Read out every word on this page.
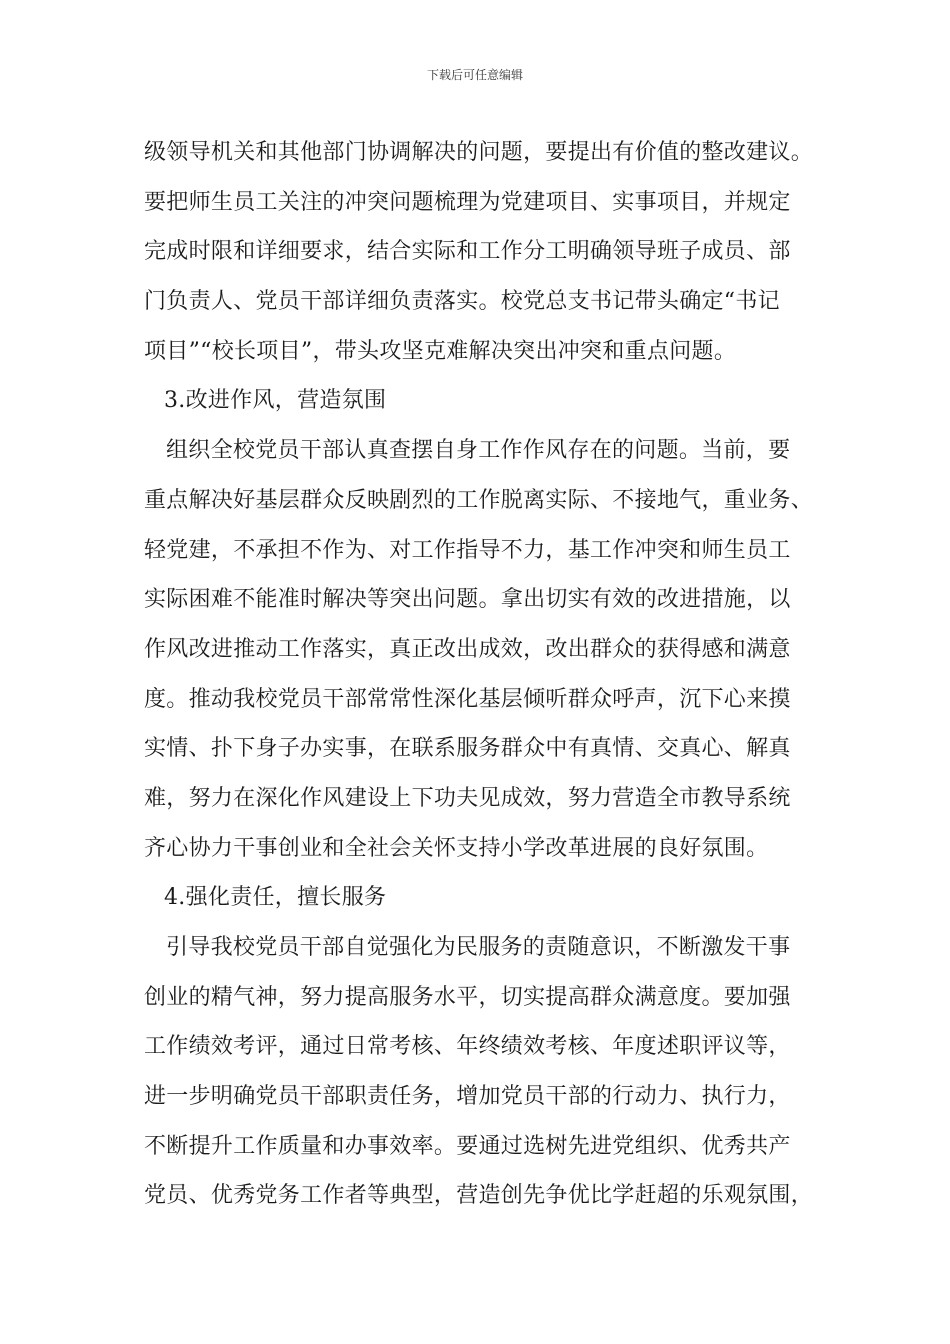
下载后可任意编辑
级领导机关和其他部门协调解决的问题，要提出有价值的整改建议。
要把师生员工关注的冲突问题梳理为党建项目、实事项目，并规定
完成时限和详细要求，结合实际和工作分工明确领导班子成员、部
门负责人、党员干部详细负责落实。校党总支书记带头确定“书记
项目”“校长项目”，带头攻坚克难解决突出冲突和重点问题。
3.改进作风，营造氛围
组织全校党员干部认真查摆自身工作作风存在的问题。当前，要
重点解决好基层群众反映剧烈的工作脱离实际、不接地气，重业务、
轻党建，不承担不作为、对工作指导不力，基工作冲突和师生员工
实际困难不能准时解决等突出问题。拿出切实有效的改进措施，以
作风改进推动工作落实，真正改出成效，改出群众的获得感和满意
度。推动我校党员干部常常性深化基层倾听群众呼声，沉下心来摸
实情、扑下身子办实事，在联系服务群众中有真情、交真心、解真
难，努力在深化作风建设上下功夫见成效，努力营造全市教导系统
齐心协力干事创业和全社会关怀支持小学改革进展的良好氛围。
4.强化责任，擅长服务
引导我校党员干部自觉强化为民服务的责随意识，不断激发干事
创业的精气神，努力提高服务水平，切实提高群众满意度。要加强
工作绩效考评，通过日常考核、年终绩效考核、年度述职评议等，
进一步明确党员干部职责任务，增加党员干部的行动力、执行力，
不断提升工作质量和办事效率。要通过选树先进党组织、优秀共产
党员、优秀党务工作者等典型，营造创先争优比学赶超的乐观氛围，
